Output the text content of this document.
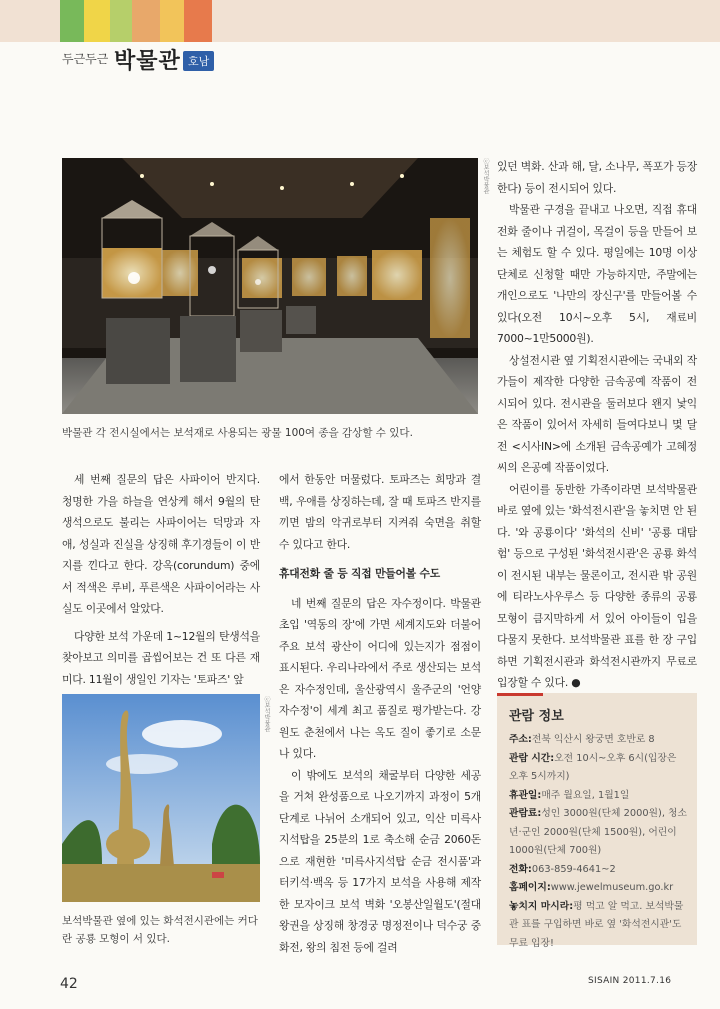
두근두근 박물관 호남
ⓒ보석박물관
박물관 각 전시실에서는 보석재로 사용되는 광물 100여 종을 감상할 수 있다.
ⓒ보석박물관
보석박물관 옆에 있는 화석전시관에는 커다란 공룡 모형이 서 있다.

세 번째 질문의 답은 사파이어 반지다. 청명한 가을 하늘을 연상케 해서 9월의 탄생석으로도 불리는 사파이어는 덕망과 자애, 성실과 진실을 상징해 후기경들이 이 반지를 낀다고 한다. 강옥(corundum) 중에서 적색은 루비, 푸른색은 사파이어라는 사실도 이곳에서 알았다.

다양한 보석 가운데 1~12월의 탄생석을 찾아보고 의미를 곱씹어보는 건 또 다른 재미다. 11월이 생일인 기자는 '토파즈' 앞

에서 한동안 머물렀다. 토파즈는 희망과 결백, 우애를 상징하는데, 잘 때 토파즈 반지를 끼면 밤의 악귀로부터 지켜줘 숙면을 취할 수 있다고 한다.

휴대전화 줄 등 직접 만들어볼 수도

네 번째 질문의 답은 자수정이다. 박물관 초입 '역동의 장'에 가면 세계지도와 더불어 주요 보석 광산이 어디에 있는지가 점점이 표시된다. 우리나라에서 주로 생산되는 보석은 자수정인데, 울산광역시 울주군의 '언양 자수정'이 세계 최고 품질로 평가받는다. 강원도 춘천에서 나는 옥도 질이 좋기로 소문나 있다.

이 밖에도 보석의 채굴부터 다양한 세공을 거쳐 완성품으로 나오기까지 과정이 5개 단계로 나뉘어 소개되어 있고, 익산 미륵사지석탑을 25분의 1로 축소해 순금 2060돈으로 재현한 '미륵사지석탑 순금 전시품'과 터키석·백옥 등 17가지 보석을 사용해 제작한 모자이크 보석 벽화 '오봉산일월도'(절대왕권을 상징해 창경궁 명정전이나 덕수궁 중화전, 왕의 침전 등에 걸려

있던 벽화. 산과 해, 달, 소나무, 폭포가 등장한다) 등이 전시되어 있다.

박물관 구경을 끝내고 나오면, 직접 휴대전화 줄이나 귀걸이, 목걸이 등을 만들어 보는 체험도 할 수 있다. 평일에는 10명 이상 단체로 신청할 때만 가능하지만, 주말에는 개인으로도 '나만의 장신구'를 만들어볼 수 있다(오전 10시~오후 5시, 재료비 7000~1만5000원).

상설전시관 옆 기획전시관에는 국내외 작가들이 제작한 다양한 금속공예 작품이 전시되어 있다. 전시관을 둘러보다 왠지 낯익은 작품이 있어서 자세히 들여다보니 몇 달 전 <시사IN>에 소개된 금속공예가 고혜정씨의 은공예 작품이었다.

어린이를 동반한 가족이라면 보석박물관 바로 옆에 있는 '화석전시관'을 놓치면 안 된다. '와 공룡이다' '화석의 신비' '공룡 대탐험' 등으로 구성된 '화석전시관'은 공룡 화석이 전시된 내부는 물론이고, 전시관 밖 공원에 티라노사우루스 등 다양한 종류의 공룡 모형이 큼지막하게 서 있어 아이들이 입을 다물지 못한다. 보석박물관 표를 한 장 구입하면 기획전시관과 화석전시관까지 무료로 입장할 수 있다. ●

관람 정보

주소:전북 익산시 왕궁면 호반로 8

관람 시간:오전 10시~오후 6시(입장은 오후 5시까지)

휴관일:매주 월요일, 1월1일

관람료:성인 3000원(단체 2000원), 청소년·군인 2000원(단체 1500원), 어린이 1000원(단체 700원)

전화:063-859-4641~2

홈페이지:www.jewelmuseum.go.kr

놓치지 마시라:평 먹고 알 먹고. 보석박물관 표를 구입하면 바로 옆 '화석전시관'도 무료 입장!

42	SISAIN 2011.7.16
